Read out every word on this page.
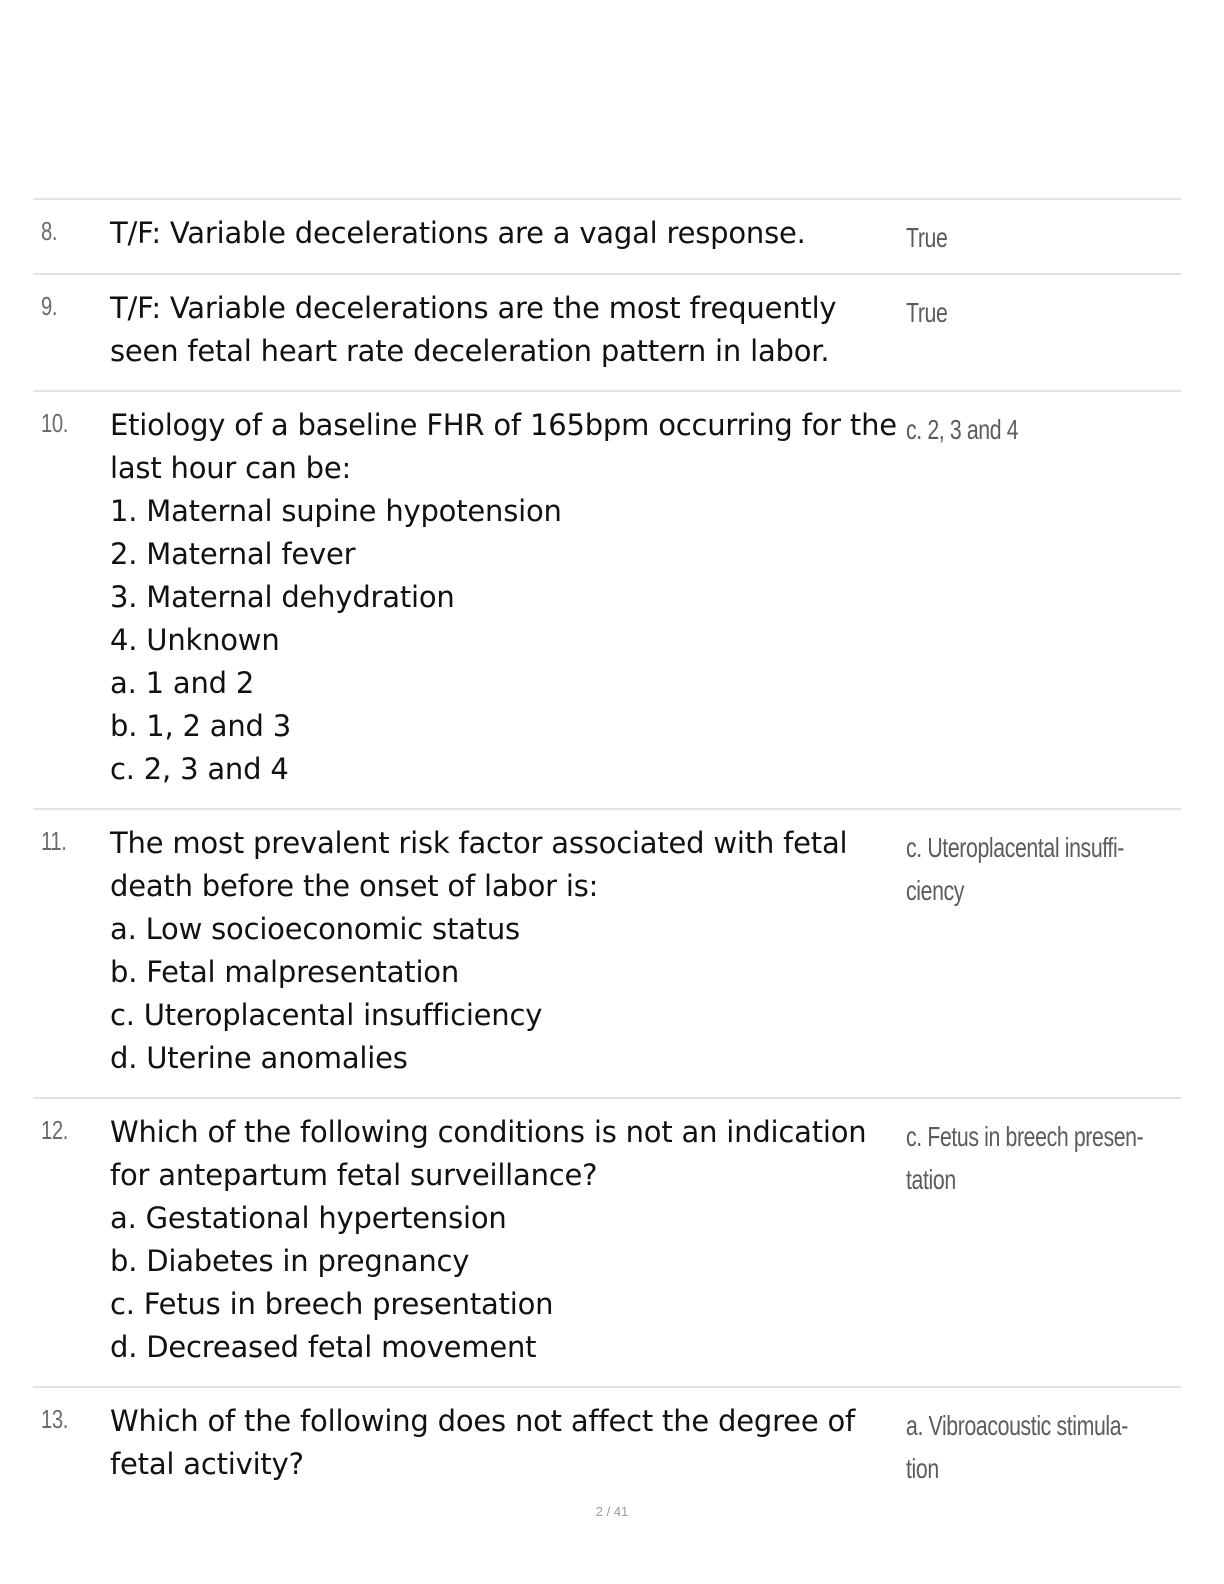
8. T/F: Variable decelerations are a vagal response.	True
9. T/F: Variable decelerations are the most frequently
seen fetal heart rate deceleration pattern in labor.
True
10. Etiology of a baseline FHR of 165bpm occurring for the
last hour can be:
1. Maternal supine hypotension
2. Maternal fever
3. Maternal dehydration
4. Unknown
a. 1 and 2
b. 1, 2 and 3
c. 2, 3 and 4
c. 2, 3 and 4
11. The most prevalent risk factor associated with fetal
death before the onset of labor is:
a. Low socioeconomic status
b. Fetal malpresentation
c. Uteroplacental insufficiency
d. Uterine anomalies
c. Uteroplacental insuffi-
ciency
12. Which of the following conditions is not an indication
for antepartum fetal surveillance?
a. Gestational hypertension
b. Diabetes in pregnancy
c. Fetus in breech presentation
d. Decreased fetal movement
c. Fetus in breech presen-
tation
13. Which of the following does not affect the degree of
fetal activity?
a. Vibroacoustic stimula-
tion
2 / 41
